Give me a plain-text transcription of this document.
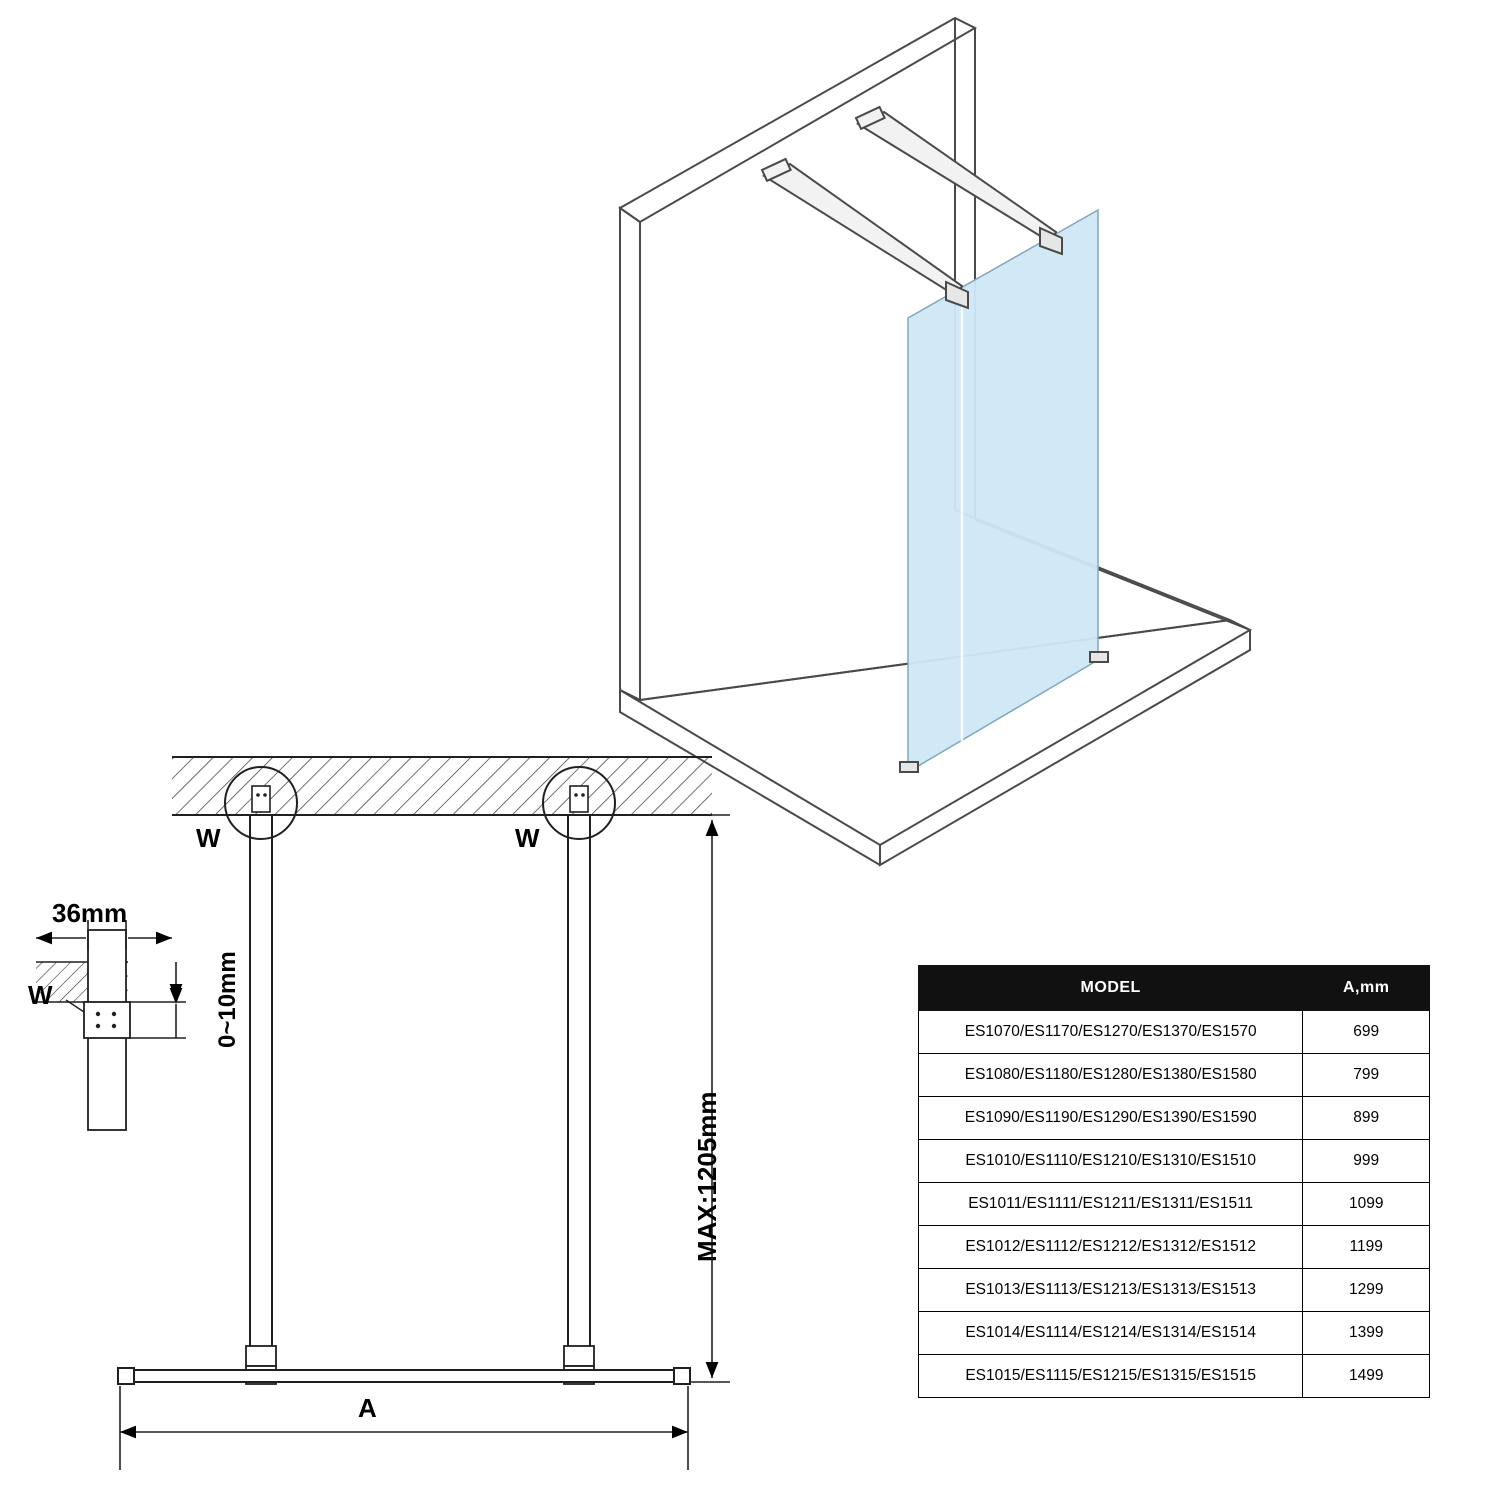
36mm
W	W
W
A
0~10mm
MAX:1205mm
MODEL	A,mm
ES1070/ES1170/ES1270/ES1370/ES1570	699
ES1080/ES1180/ES1280/ES1380/ES1580	799
ES1090/ES1190/ES1290/ES1390/ES1590	899
ES1010/ES1110/ES1210/ES1310/ES1510	999
ES1011/ES1111/ES1211/ES1311/ES1511	1099
ES1012/ES1112/ES1212/ES1312/ES1512	1199
ES1013/ES1113/ES1213/ES1313/ES1513	1299
ES1014/ES1114/ES1214/ES1314/ES1514	1399
ES1015/ES1115/ES1215/ES1315/ES1515	1499
